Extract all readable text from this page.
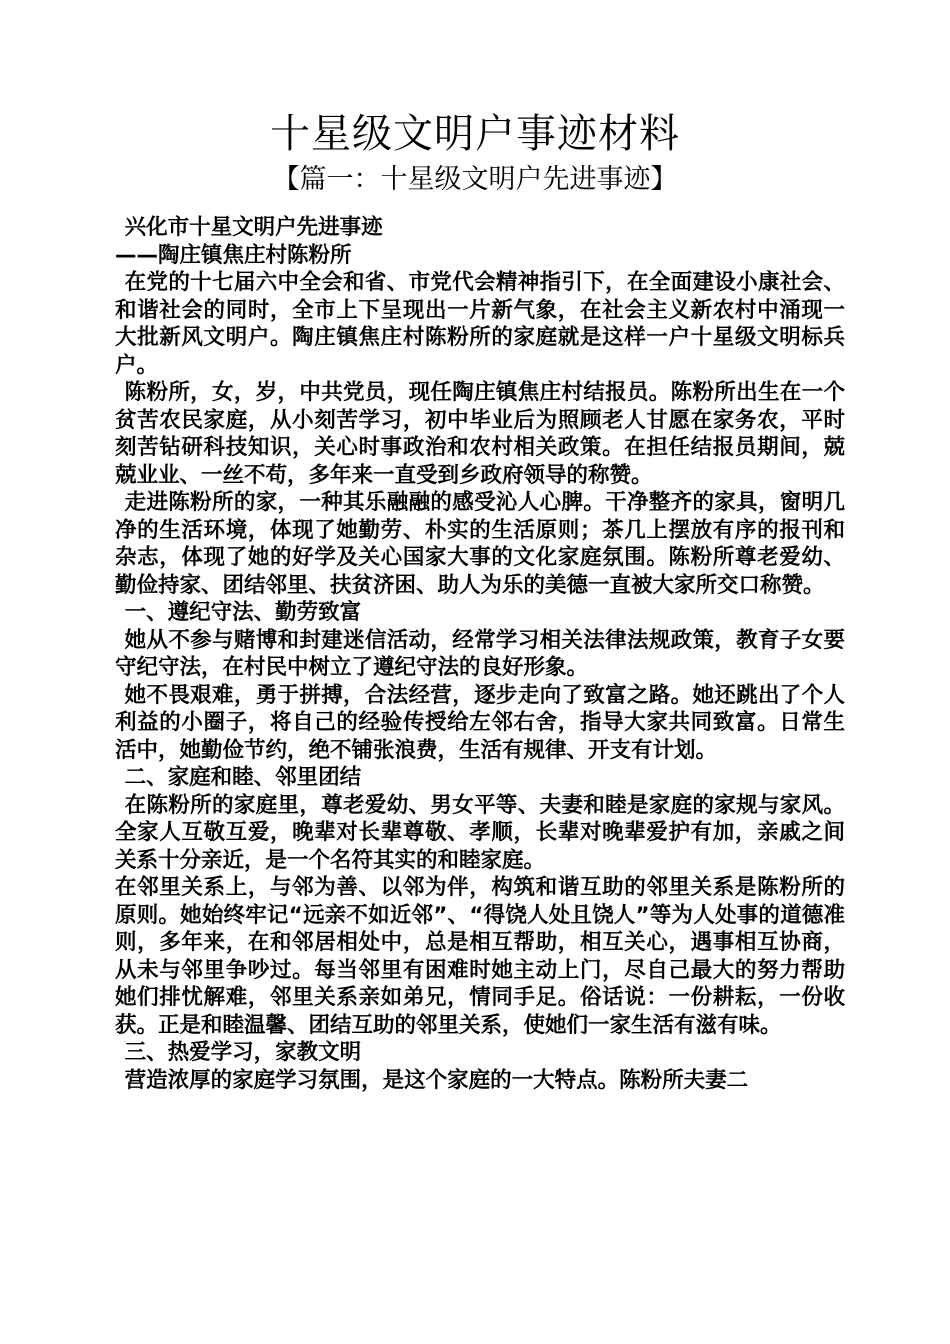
十星级文明户事迹材料
【篇一：十星级文明户先进事迹】

兴化市十星文明户先进事迹

——陶庄镇焦庄村陈粉所

在党的十七届六中全会和省、市党代会精神指引下，在全面建设小康社会、和谐社会的同时，全市上下呈现出一片新气象，在社会主义新农村中涌现一大批新风文明户。陶庄镇焦庄村陈粉所的家庭就是这样一户十星级文明标兵户。

陈粉所，女，岁，中共党员，现任陶庄镇焦庄村结报员。陈粉所出生在一个贫苦农民家庭，从小刻苦学习，初中毕业后为照顾老人甘愿在家务农，平时刻苦钻研科技知识，关心时事政治和农村相关政策。在担任结报员期间，兢兢业业、一丝不苟，多年来一直受到乡政府领导的称赞。

走进陈粉所的家，一种其乐融融的感受沁人心脾。干净整齐的家具，窗明几净的生活环境，体现了她勤劳、朴实的生活原则；茶几上摆放有序的报刊和杂志，体现了她的好学及关心国家大事的文化家庭氛围。陈粉所尊老爱幼、勤俭持家、团结邻里、扶贫济困、助人为乐的美德一直被大家所交口称赞。

一、遵纪守法、勤劳致富

她从不参与赌博和封建迷信活动，经常学习相关法律法规政策，教育子女要守纪守法，在村民中树立了遵纪守法的良好形象。

她不畏艰难，勇于拼搏，合法经营，逐步走向了致富之路。她还跳出了个人利益的小圈子，将自己的经验传授给左邻右舍，指导大家共同致富。日常生活中，她勤俭节约，绝不铺张浪费，生活有规律、开支有计划。

二、家庭和睦、邻里团结

在陈粉所的家庭里，尊老爱幼、男女平等、夫妻和睦是家庭的家规与家风。全家人互敬互爱，晚辈对长辈尊敬、孝顺，长辈对晚辈爱护有加，亲戚之间关系十分亲近，是一个名符其实的和睦家庭。

在邻里关系上，与邻为善、以邻为伴，构筑和谐互助的邻里关系是陈粉所的原则。她始终牢记“远亲不如近邻”、“得饶人处且饶人”等为人处事的道德准则，多年来，在和邻居相处中，总是相互帮助，相互关心，遇事相互协商，从未与邻里争吵过。每当邻里有困难时她主动上门，尽自己最大的努力帮助她们排忧解难，邻里关系亲如弟兄，情同手足。俗话说：一份耕耘，一份收获。正是和睦温馨、团结互助的邻里关系，使她们一家生活有滋有味。

三、热爱学习，家教文明

营造浓厚的家庭学习氛围，是这个家庭的一大特点。陈粉所夫妻二
